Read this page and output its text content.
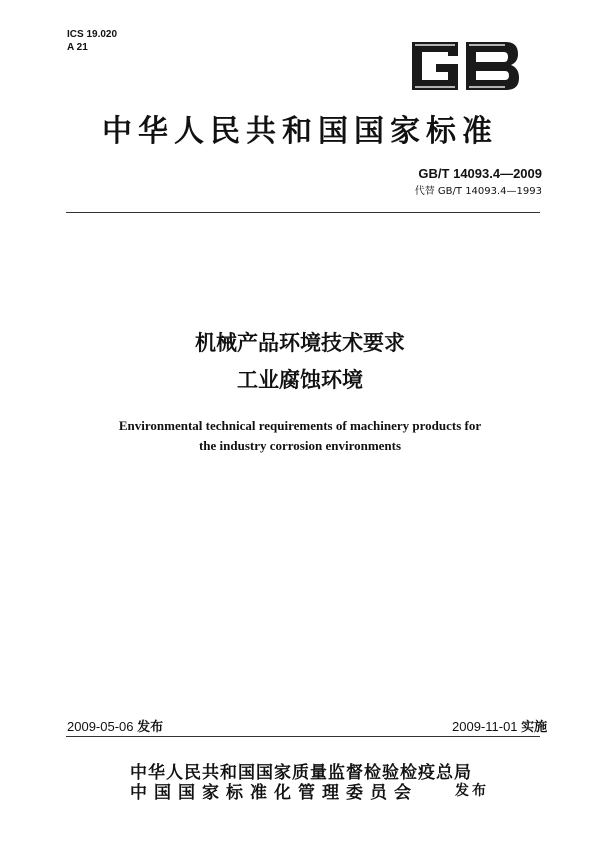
ICS 19.020
A 21
中华人民共和国国家标准
GB/T 14093.4—2009
代替 GB/T 14093.4—1993
机械产品环境技术要求
工业腐蚀环境
Environmental technical requirements of machinery products for
the industry corrosion environments
2009-05-06 发布	2009-11-01 实施
中华人民共和国国家质量监督检验检疫总局
中国国家标准化管理委员会	发布
